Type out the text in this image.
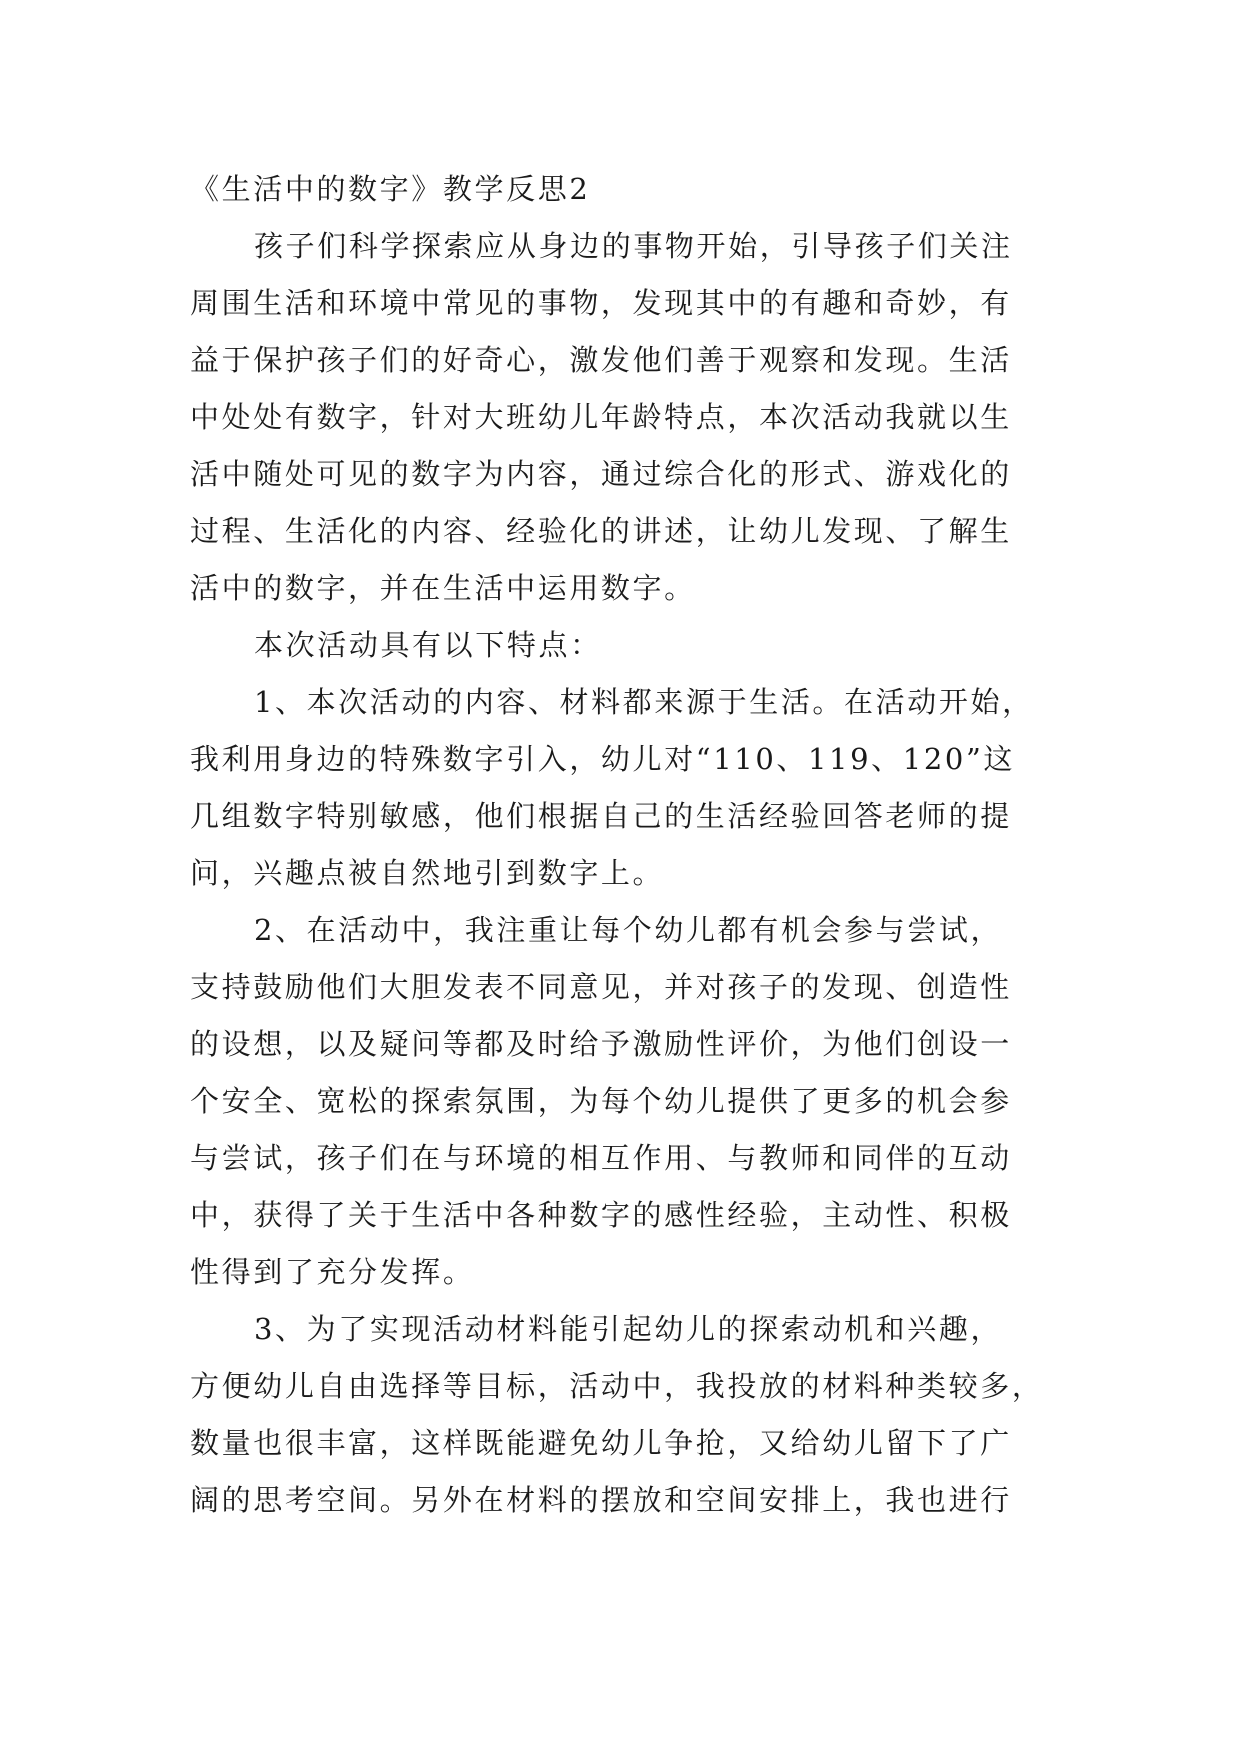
《生活中的数字》教学反思2
孩子们科学探索应从身边的事物开始，引导孩子们关注
周围生活和环境中常见的事物，发现其中的有趣和奇妙，有
益于保护孩子们的好奇心，激发他们善于观察和发现。生活
中处处有数字，针对大班幼儿年龄特点，本次活动我就以生
活中随处可见的数字为内容，通过综合化的形式、游戏化的
过程、生活化的内容、经验化的讲述，让幼儿发现、了解生
活中的数字，并在生活中运用数字。
本次活动具有以下特点：
1、本次活动的内容、材料都来源于生活。在活动开始，
我利用身边的特殊数字引入，幼儿对“110、119、120”这
几组数字特别敏感，他们根据自己的生活经验回答老师的提
问，兴趣点被自然地引到数字上。
2、在活动中，我注重让每个幼儿都有机会参与尝试，
支持鼓励他们大胆发表不同意见，并对孩子的发现、创造性
的设想，以及疑问等都及时给予激励性评价，为他们创设一
个安全、宽松的探索氛围，为每个幼儿提供了更多的机会参
与尝试，孩子们在与环境的相互作用、与教师和同伴的互动
中，获得了关于生活中各种数字的感性经验，主动性、积极
性得到了充分发挥。
3、为了实现活动材料能引起幼儿的探索动机和兴趣，
方便幼儿自由选择等目标，活动中，我投放的材料种类较多，
数量也很丰富，这样既能避免幼儿争抢，又给幼儿留下了广
阔的思考空间。另外在材料的摆放和空间安排上，我也进行
